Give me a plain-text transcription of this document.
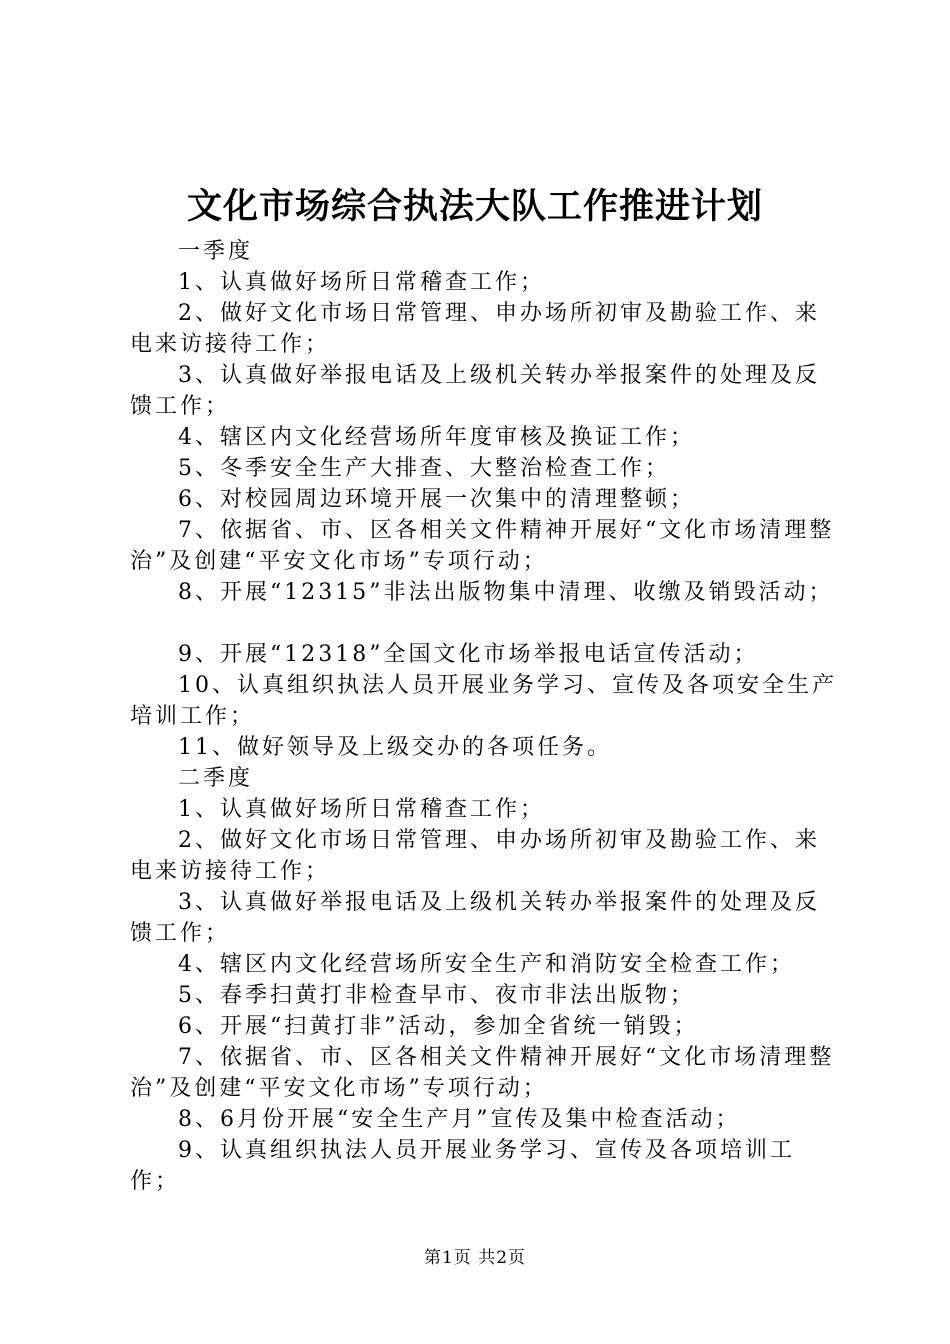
文化市场综合执法大队工作推进计划

一季度

1、认真做好场所日常稽查工作；

2、做好文化市场日常管理、申办场所初审及勘验工作、来电来访接待工作；

3、认真做好举报电话及上级机关转办举报案件的处理及反馈工作；

4、辖区内文化经营场所年度审核及换证工作；

5、冬季安全生产大排查、大整治检查工作；

6、对校园周边环境开展一次集中的清理整顿；

7、依据省、市、区各相关文件精神开展好“文化市场清理整治”及创建“平安文化市场”专项行动；

8、开展“12315”非法出版物集中清理、收缴及销毁活动；

9、开展“12318”全国文化市场举报电话宣传活动；

10、认真组织执法人员开展业务学习、宣传及各项安全生产培训工作；

11、做好领导及上级交办的各项任务。

二季度

1、认真做好场所日常稽查工作；

2、做好文化市场日常管理、申办场所初审及勘验工作、来电来访接待工作；

3、认真做好举报电话及上级机关转办举报案件的处理及反馈工作；

4、辖区内文化经营场所安全生产和消防安全检查工作；

5、春季扫黄打非检查早市、夜市非法出版物；

6、开展“扫黄打非”活动，参加全省统一销毁；

7、依据省、市、区各相关文件精神开展好“文化市场清理整治”及创建“平安文化市场”专项行动；

8、6月份开展“安全生产月”宣传及集中检查活动；

9、认真组织执法人员开展业务学习、宣传及各项培训工作；

第1页 共2页
